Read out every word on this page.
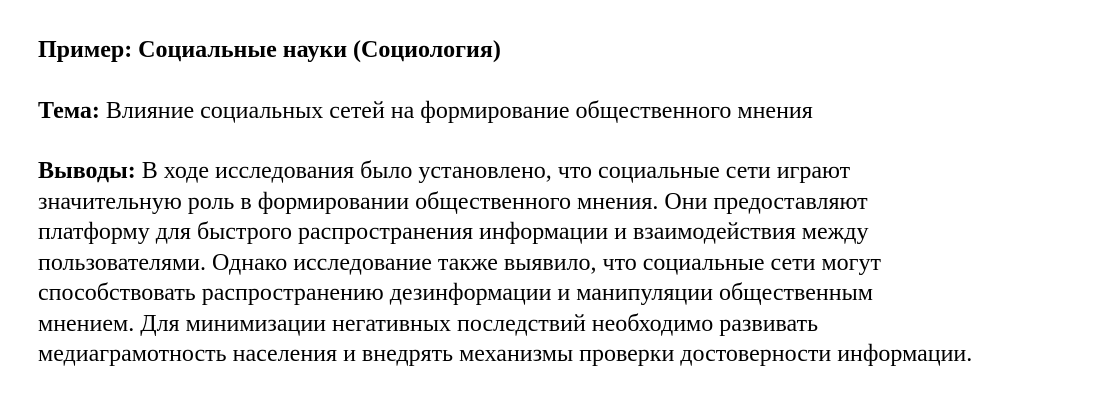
Пример: Социальные науки (Социология)

Тема: Влияние социальных сетей на формирование общественного мнения

Выводы: В ходе исследования было установлено, что социальные сети играют
значительную роль в формировании общественного мнения. Они предоставляют
платформу для быстрого распространения информации и взаимодействия между
пользователями. Однако исследование также выявило, что социальные сети могут
способствовать распространению дезинформации и манипуляции общественным
мнением. Для минимизации негативных последствий необходимо развивать
медиаграмотность населения и внедрять механизмы проверки достоверности информации.
